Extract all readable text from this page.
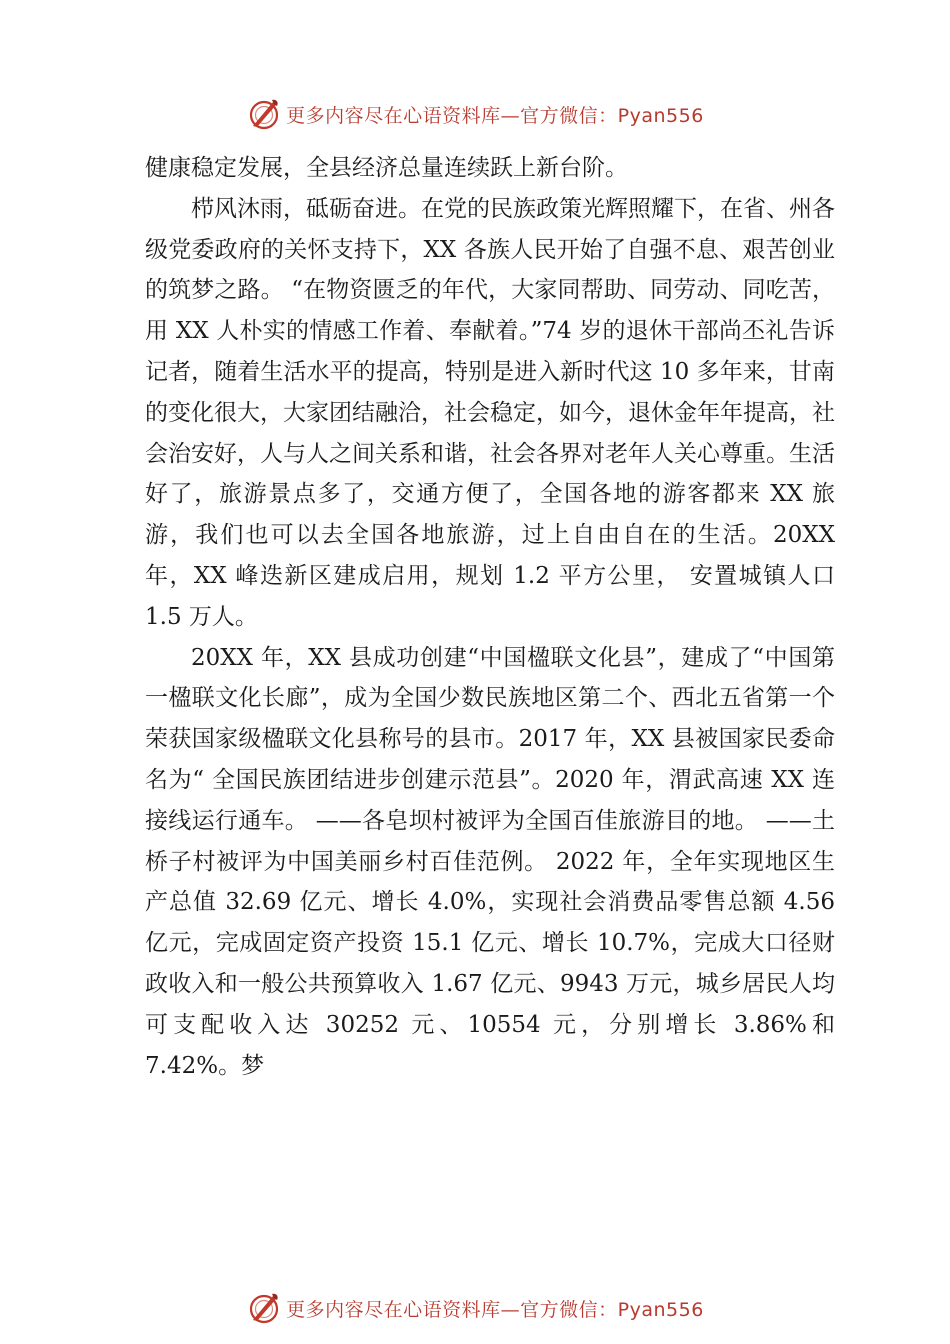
更多内容尽在心语资料库—官方微信：Pyan556

健康稳定发展，全县经济总量连续跃上新台阶。

栉风沐雨，砥砺奋进。在党的民族政策光辉照耀下，在省、州各级党委政府的关怀支持下，XX 各族人民开始了自强不息、艰苦创业的筑梦之路。 “在物资匮乏的年代，大家同帮助、同劳动、同吃苦，用 XX 人朴实的情感工作着、奉献着。”74 岁的退休干部尚丕礼告诉记者，随着生活水平的提高，特别是进入新时代这 10 多年来，甘南的变化很大，大家团结融洽，社会稳定，如今，退休金年年提高，社会治安好，人与人之间关系和谐，社会各界对老年人关心尊重。生活好了，旅游景点多了，交通方便了，全国各地的游客都来 XX 旅游，我们也可以去全国各地旅游，过上自由自在的生活。20XX 年，XX 峰迭新区建成启用，规划 1.2 平方公里， 安置城镇人口 1.5 万人。

20XX 年，XX 县成功创建“中国楹联文化县”，建成了“中国第一楹联文化长廊”，成为全国少数民族地区第二个、西北五省第一个荣获国家级楹联文化县称号的县市。2017 年，XX 县被国家民委命名为“ 全国民族团结进步创建示范县”。2020 年，渭武高速 XX 连接线运行通车。 ——各皂坝村被评为全国百佳旅游目的地。 ——土桥子村被评为中国美丽乡村百佳范例。 2022 年，全年实现地区生产总值 32.69 亿元、增长 4.0%，实现社会消费品零售总额 4.56 亿元，完成固定资产投资 15.1 亿元、增长 10.7%，完成大口径财政收入和一般公共预算收入 1.67 亿元、9943 万元，城乡居民人均可支配收入达 30252 元、10554 元，分别增长 3.86%和 7.42%。梦

更多内容尽在心语资料库—官方微信：Pyan556
